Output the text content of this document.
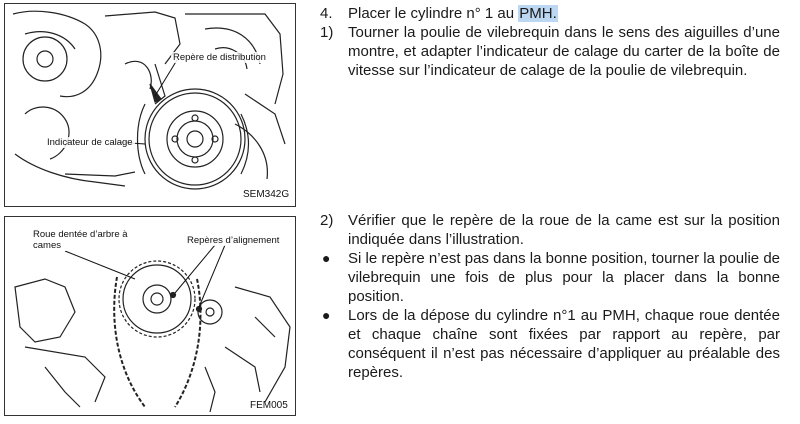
Repère de distribution
Indicateur de calage
SEM342G
Roue dentée d’arbre à cames	Repères d’alignement
FEM005
4. Placer le cylindre n° 1 au PMH.
1) Tourner la poulie de vilebrequin dans le sens des aiguilles d’une montre, et adapter l’indicateur de calage du carter de la boîte de vitesse sur l’indicateur de calage de la poulie de vilebrequin.
2) Vérifier que le repère de la roue de la came est sur la position indiquée dans l’illustration.
● Si le repère n’est pas dans la bonne position, tourner la poulie de vilebrequin une fois de plus pour la placer dans la bonne position.
● Lors de la dépose du cylindre n°1 au PMH, chaque roue dentée et chaque chaîne sont fixées par rapport au repère, par conséquent il n’est pas nécessaire d’appliquer au préalable des repères.
